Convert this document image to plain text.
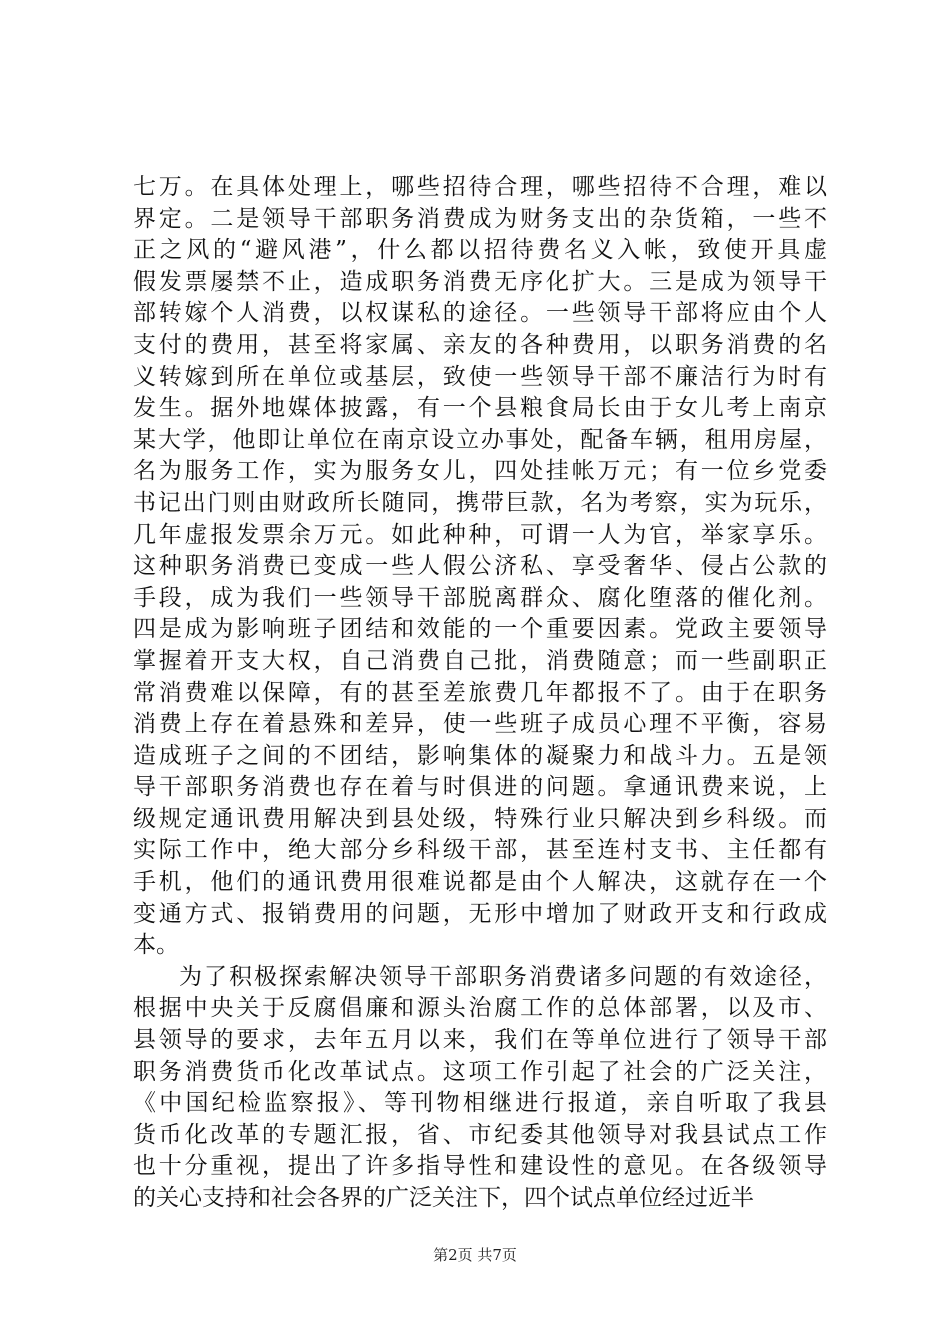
七万。在具体处理上，哪些招待合理，哪些招待不合理，难以
界定。二是领导干部职务消费成为财务支出的杂货箱，一些不
正之风的“避风港”，什么都以招待费名义入帐，致使开具虚
假发票屡禁不止，造成职务消费无序化扩大。三是成为领导干
部转嫁个人消费，以权谋私的途径。一些领导干部将应由个人
支付的费用，甚至将家属、亲友的各种费用，以职务消费的名
义转嫁到所在单位或基层，致使一些领导干部不廉洁行为时有
发生。据外地媒体披露，有一个县粮食局长由于女儿考上南京
某大学，他即让单位在南京设立办事处，配备车辆，租用房屋，
名为服务工作，实为服务女儿，四处挂帐万元；有一位乡党委
书记出门则由财政所长随同，携带巨款，名为考察，实为玩乐，
几年虚报发票余万元。如此种种，可谓一人为官，举家享乐。
这种职务消费已变成一些人假公济私、享受奢华、侵占公款的
手段，成为我们一些领导干部脱离群众、腐化堕落的催化剂。
四是成为影响班子团结和效能的一个重要因素。党政主要领导
掌握着开支大权，自己消费自己批，消费随意；而一些副职正
常消费难以保障，有的甚至差旅费几年都报不了。由于在职务
消费上存在着悬殊和差异，使一些班子成员心理不平衡，容易
造成班子之间的不团结，影响集体的凝聚力和战斗力。五是领
导干部职务消费也存在着与时俱进的问题。拿通讯费来说，上
级规定通讯费用解决到县处级，特殊行业只解决到乡科级。而
实际工作中，绝大部分乡科级干部，甚至连村支书、主任都有
手机，他们的通讯费用很难说都是由个人解决，这就存在一个
变通方式、报销费用的问题，无形中增加了财政开支和行政成
本。
为了积极探索解决领导干部职务消费诸多问题的有效途径，
根据中央关于反腐倡廉和源头治腐工作的总体部署，以及市、
县领导的要求，去年五月以来，我们在等单位进行了领导干部
职务消费货币化改革试点。这项工作引起了社会的广泛关注，
《中国纪检监察报》、等刊物相继进行报道，亲自听取了我县
货币化改革的专题汇报，省、市纪委其他领导对我县试点工作
也十分重视，提出了许多指导性和建设性的意见。在各级领导
的关心支持和社会各界的广泛关注下，四个试点单位经过近半
第2页 共7页
